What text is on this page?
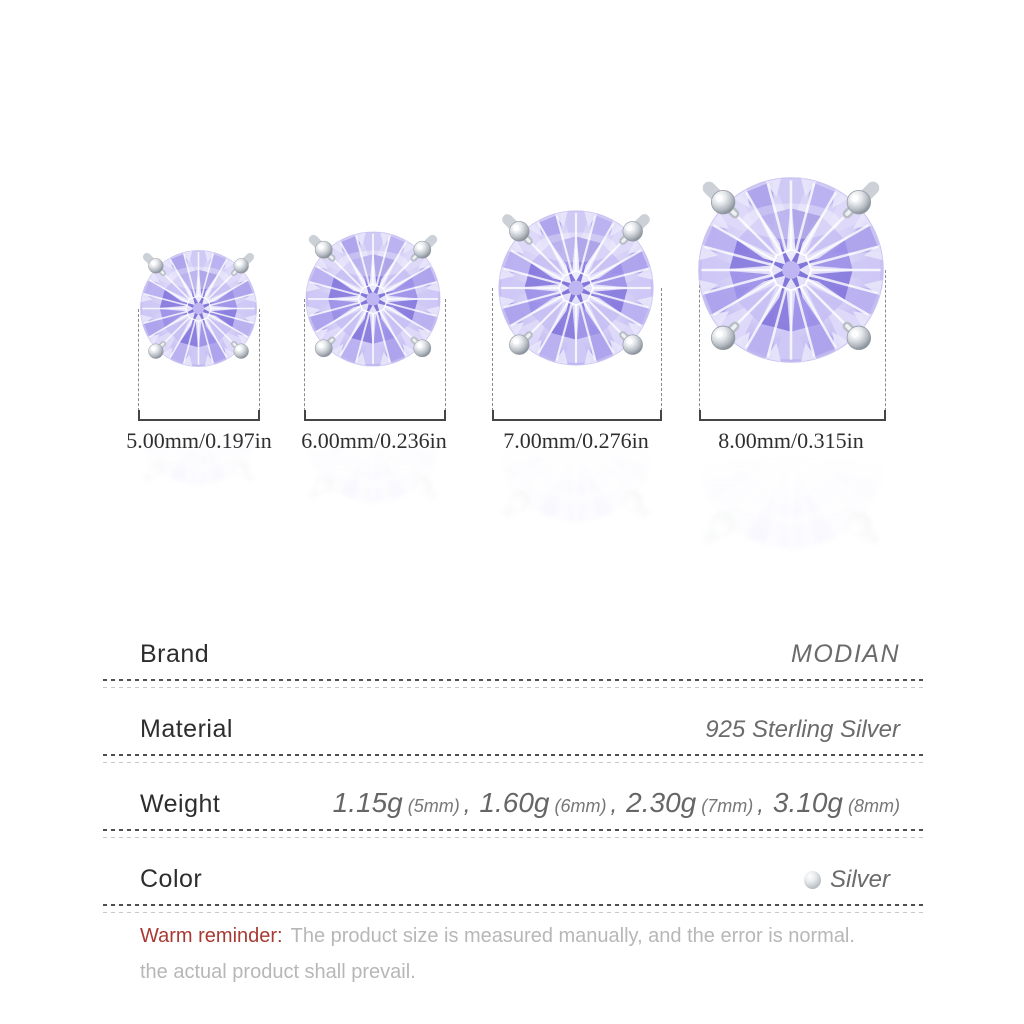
5.00mm/0.197in	6.00mm/0.236in	7.00mm/0.276in	8.00mm/0.315in
Brand	MODIAN
Material	925 Sterling Silver
Weight	1.15g (5mm) , 1.60g (6mm) , 2.30g (7mm) , 3.10g (8mm)
Color	Silver
Warm reminder: The product size is measured manually, and the error is normal.
the actual product shall prevail.
